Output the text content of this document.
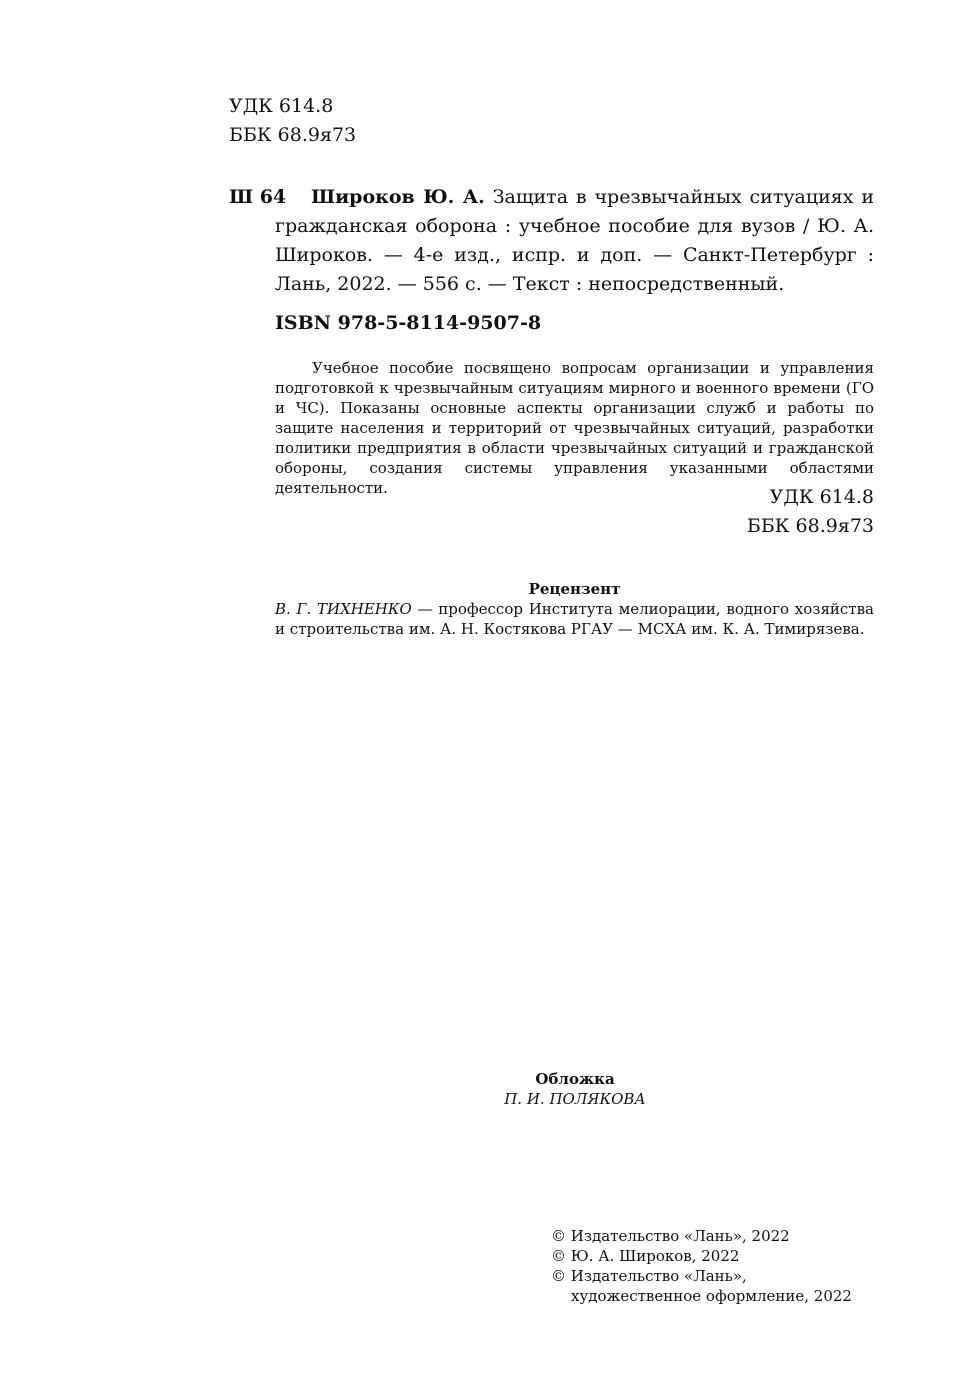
УДК 614.8
ББК 68.9я73
Ш 64	Широков Ю. А. Защита в чрезвычайных ситуациях и гражданская оборона : учебное пособие для вузов / Ю. А. Широков. — 4-е изд., испр. и доп. — Санкт-Петербург : Лань, 2022. — 556 с. — Текст : непосредственный.
ISBN 978-5-8114-9507-8
Учебное пособие посвящено вопросам организации и управления подготовкой к чрезвычайным ситуациям мирного и военного времени (ГО и ЧС). Показаны основные аспекты организации служб и работы по защите населения и территорий от чрезвычайных ситуаций, разработки политики предприятия в области чрезвычайных ситуаций и гражданской обороны, создания системы управления указанными областями деятельности.	УДК 614.8
ББК 68.9я73
Рецензент
В. Г. ТИХНЕНКО — профессор Института мелиорации, водного хозяйства и строительства им. А. Н. Костякова РГАУ — МСХА им. К. А. Тимирязева.
Обложка
П. И. ПОЛЯКОВА
© Издательство «Лань», 2022
© Ю. А. Широков, 2022
© Издательство «Лань»,
художественное оформление, 2022
